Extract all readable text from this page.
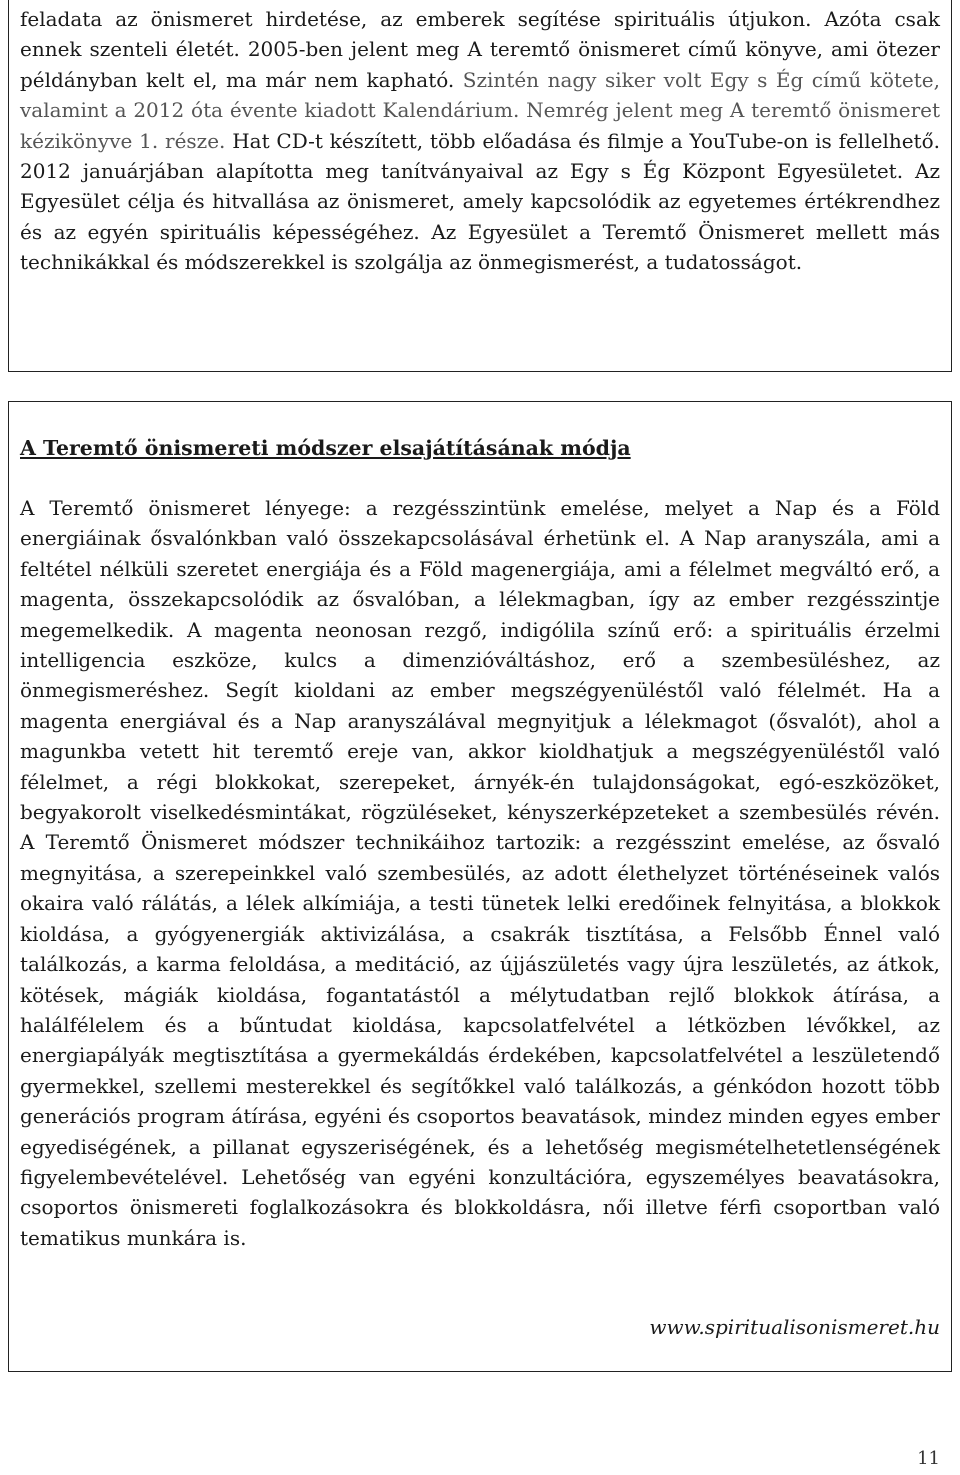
feladata az önismeret hirdetése, az emberek segítése spirituális útjukon. Azóta csak ennek szenteli életét. 2005-ben jelent meg A teremtő önismeret című könyve, ami ötezer példányban kelt el, ma már nem kapható. Szintén nagy siker volt Egy s Ég című kötete, valamint a 2012 óta évente kiadott Kalendárium. Nemrég jelent meg A teremtő önismeret kézikönyve 1. része. Hat CD-t készített, több előadása és filmje a YouTube-on is fellelhető. 2012 januárjában alapította meg tanítványaival az Egy s Ég Központ Egyesületet. Az Egyesület célja és hitvallása az önismeret, amely kapcsolódik az egyetemes értékrendhez és az egyén spirituális képességéhez. Az Egyesület a Teremtő Önismeret mellett más technikákkal és módszerekkel is szolgálja az önmegismerést, a tudatosságot.

A Teremtő önismereti módszer elsajátításának módja

A Teremtő önismeret lényege: a rezgésszintünk emelése, melyet a Nap és a Föld energiáinak ősvalónkban való összekapcsolásával érhetünk el. A Nap aranyszála, ami a feltétel nélküli szeretet energiája és a Föld magenergiája, ami a félelmet megváltó erő, a magenta, összekapcsolódik az ősvalóban, a lélekmagban, így az ember rezgésszintje megemelkedik. A magenta neonosan rezgő, indigólila színű erő: a spirituális érzelmi intelligencia eszköze, kulcs a dimenzióváltáshoz, erő a szembesüléshez, az önmegismeréshez. Segít kioldani az ember megszégyenüléstől való félelmét. Ha a magenta energiával és a Nap aranyszálával megnyitjuk a lélekmagot (ősvalót), ahol a magunkba vetett hit teremtő ereje van, akkor kioldhatjuk a megszégyenüléstől való félelmet, a régi blokkokat, szerepeket, árnyék-én tulajdonságokat, egó-eszközöket, begyakorolt viselkedésmintákat, rögzüléseket, kényszerképzeteket a szembesülés révén. A Teremtő Önismeret módszer technikáihoz tartozik: a rezgésszint emelése, az ősvaló megnyitása, a szerepeinkkel való szembesülés, az adott élethelyzet történéseinek valós okaira való rálátás, a lélek alkímiája, a testi tünetek lelki eredőinek felnyitása, a blokkok kioldása, a gyógyenergiák aktivizálása, a csakrák tisztítása, a Felsőbb Énnel való találkozás, a karma feloldása, a meditáció, az újjászületés vagy újra leszületés, az átkok, kötések, mágiák kioldása, fogantatástól a mélytudatban rejlő blokkok átírása, a halálfélelem és a bűntudat kioldása, kapcsolatfelvétel a létközben lévőkkel, az energiapályák megtisztítása a gyermekáldás érdekében, kapcsolatfelvétel a leszületendő gyermekkel, szellemi mesterekkel és segítőkkel való találkozás, a génkódon hozott több generációs program átírása, egyéni és csoportos beavatások, mindez minden egyes ember egyediségének, a pillanat egyszeriségének, és a lehetőség megismételhetetlenségének figyelembevételével. Lehetőség van egyéni konzultációra, egyszemélyes beavatásokra, csoportos önismereti foglalkozásokra és blokkoldásra, női illetve férfi csoportban való tematikus munkára is.

www.spiritualisonismeret.hu
11
